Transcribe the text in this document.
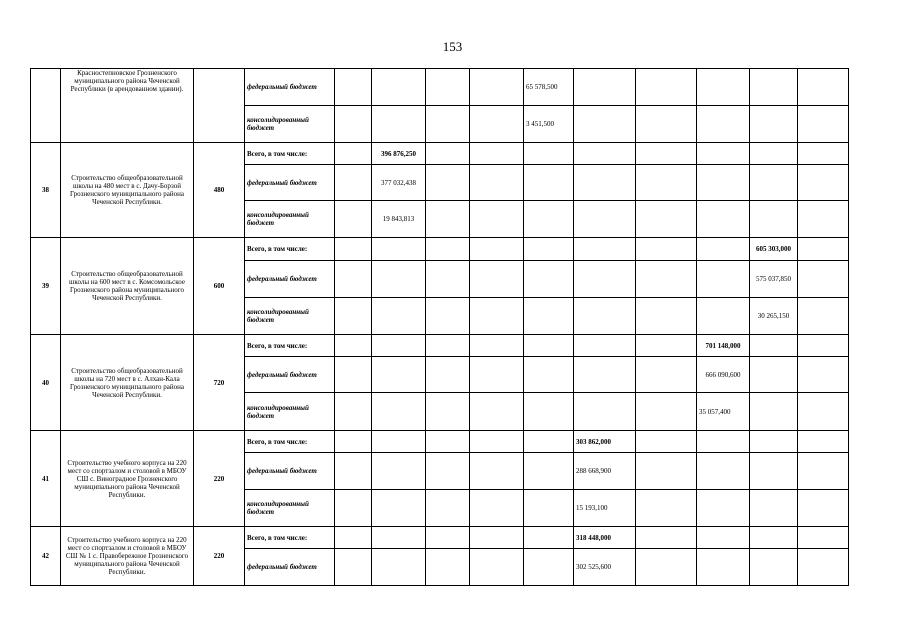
153
	Красностепновское Грозненского муниципального района Чеченской Республики (в арендованном здании).		федеральный бюджет					65 578,500					
			консолидированный бюджет					3 451,500					
38	Строительство общеобразовательной школы на 480 мест в с. Дачу-Борзой Грозненского муниципального района Чеченской Республики.	480	Всего, в том числе:		396 876,250								
			федеральный бюджет		377 032,438								
			консолидированный бюджет		19 843,813								
39	Строительство общеобразовательной школы на 600 мест в с. Комсомольское Грозненского района муниципального Чеченской Республики.	600	Всего, в том числе:									605 303,000	
			федеральный бюджет									575 037,850	
			консолидированный бюджет									30 265,150	
40	Строительство общеобразовательной школы на 720 мест в с. Алхан-Кала Грозненского муниципального района Чеченской Республики.	720	Всего, в том числе:								701 148,000		
			федеральный бюджет								666 090,600		
			консолидированный бюджет								35 057,400		
41	Строительство учебного корпуса на 220 мест со спортзалом и столовой в МБОУ СШ с. Виноградное Грозненского муниципального района Чеченской Республики.	220	Всего, в том числе:						303 862,000				
			федеральный бюджет						288 668,900				
			консолидированный бюджет						15 193,100				
42	Строительство учебного корпуса на 220 мест со спортзалом и столовой в МБОУ СШ № 1 с. Правобережное Грозненского муниципального района Чеченской Республики.	220	Всего, в том числе:						318 448,000				
			федеральный бюджет						302 525,600				
